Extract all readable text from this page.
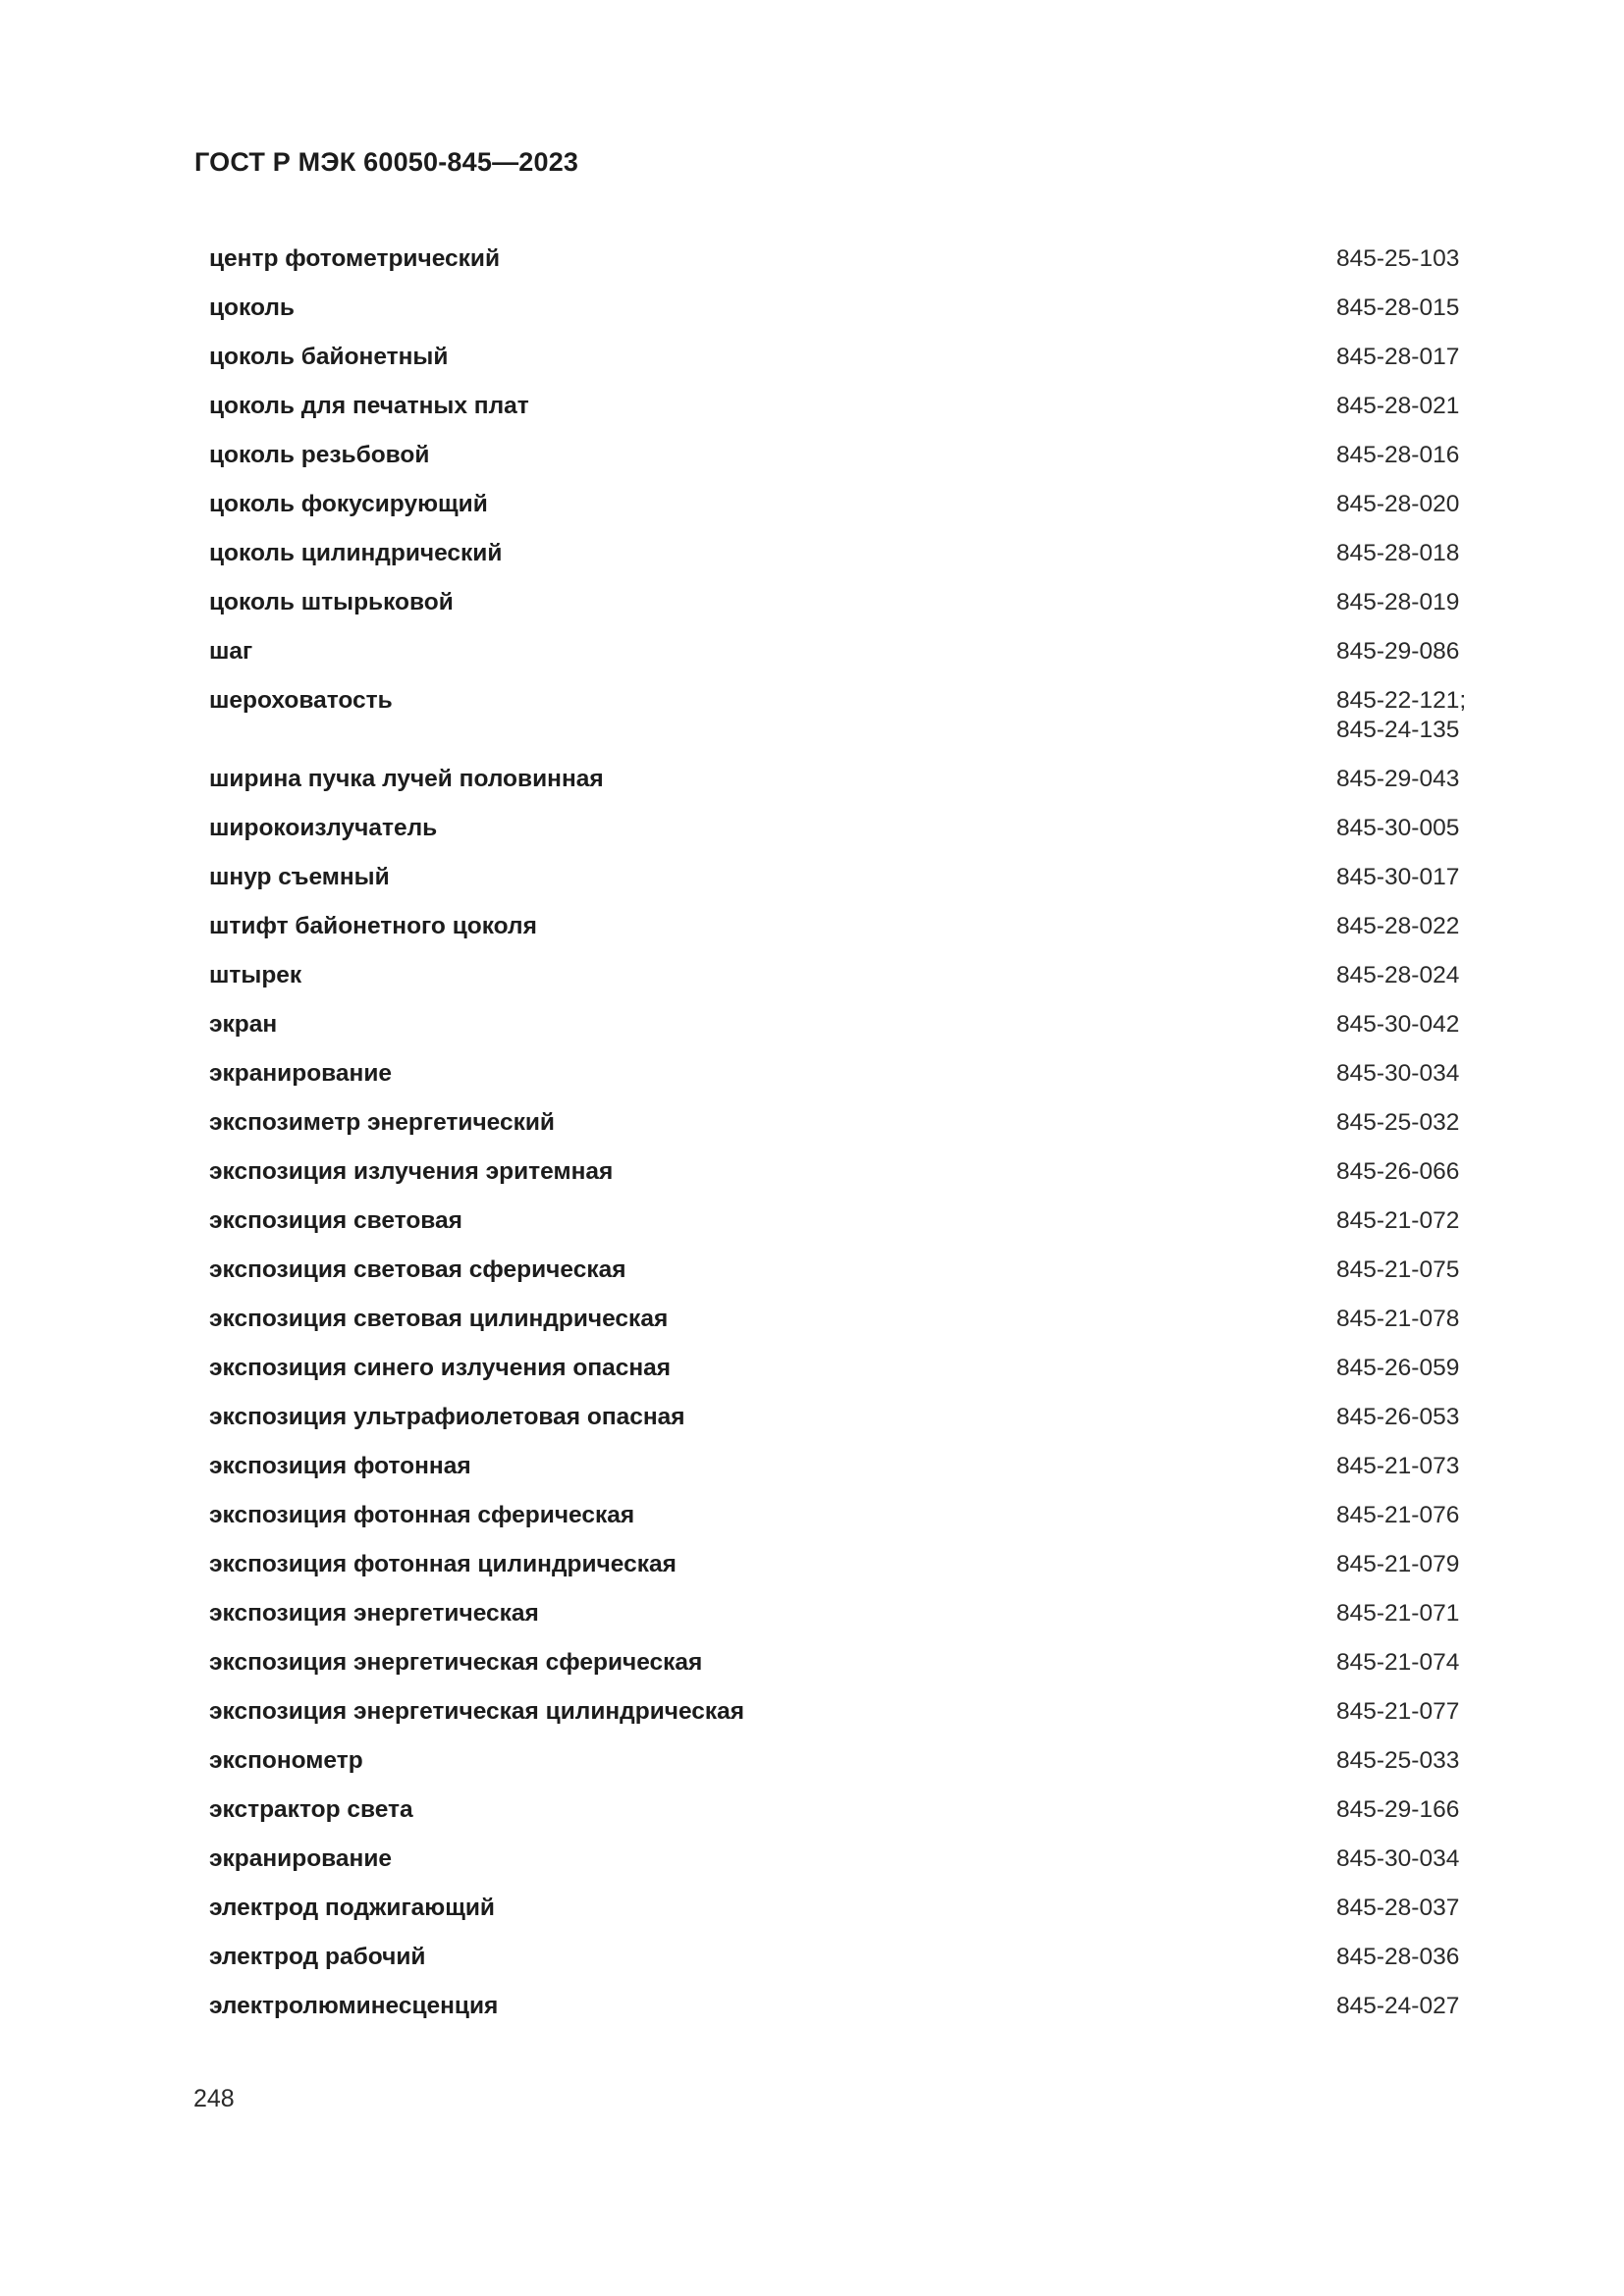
ГОСТ Р МЭК 60050-845—2023
центр фотометрический	845-25-103
цоколь	845-28-015
цоколь байонетный	845-28-017
цоколь для печатных плат	845-28-021
цоколь резьбовой	845-28-016
цоколь фокусирующий	845-28-020
цоколь цилиндрический	845-28-018
цоколь штырьковой	845-28-019
шаг	845-29-086
шероховатость	845-22-121;
845-24-135
ширина пучка лучей половинная	845-29-043
широкоизлучатель	845-30-005
шнур съемный	845-30-017
штифт байонетного цоколя	845-28-022
штырек	845-28-024
экран	845-30-042
экранирование	845-30-034
экспозиметр энергетический	845-25-032
экспозиция излучения эритемная	845-26-066
экспозиция световая	845-21-072
экспозиция световая сферическая	845-21-075
экспозиция световая цилиндрическая	845-21-078
экспозиция синего излучения опасная	845-26-059
экспозиция ультрафиолетовая опасная	845-26-053
экспозиция фотонная	845-21-073
экспозиция фотонная сферическая	845-21-076
экспозиция фотонная цилиндрическая	845-21-079
экспозиция энергетическая	845-21-071
экспозиция энергетическая сферическая	845-21-074
экспозиция энергетическая цилиндрическая	845-21-077
экспонометр	845-25-033
экстрактор света	845-29-166
экранирование	845-30-034
электрод поджигающий	845-28-037
электрод рабочий	845-28-036
электролюминесценция	845-24-027
248
